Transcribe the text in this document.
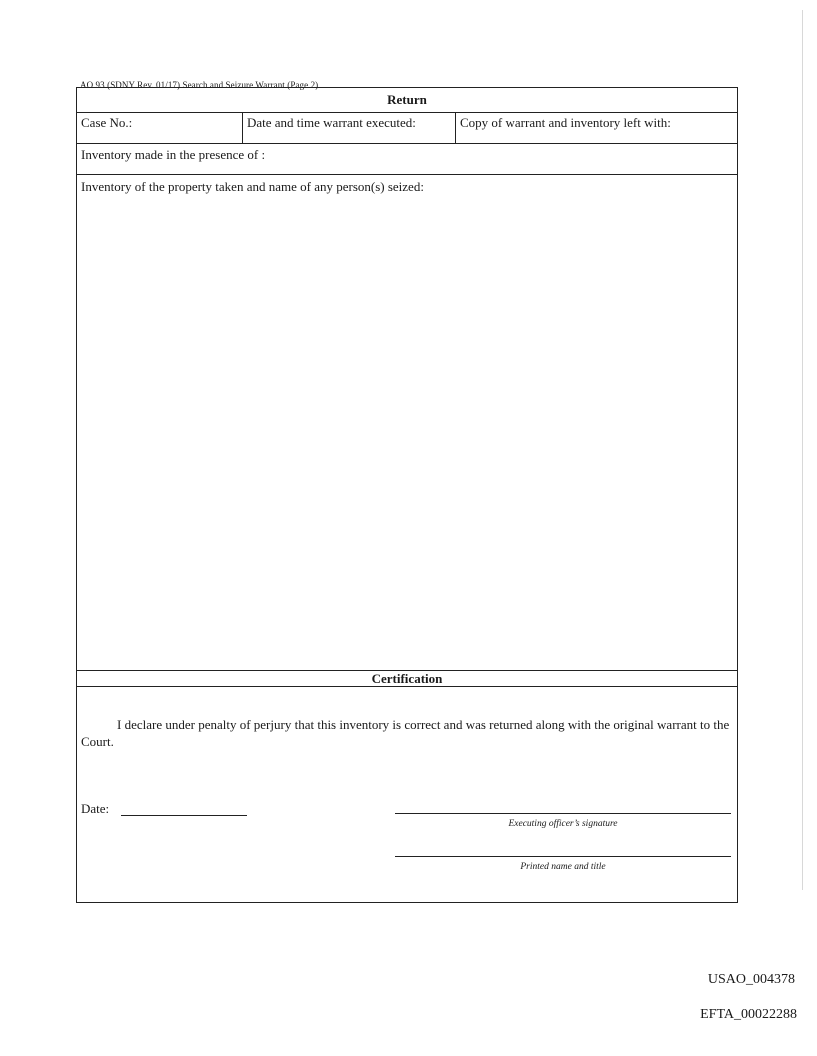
AO 93 (SDNY Rev. 01/17) Search and Seizure Warrant (Page 2)
Return
Case No.:	Date and time warrant executed:	Copy of warrant and inventory left with:
Inventory made in the presence of :
Inventory of the property taken and name of any person(s) seized:
Certification
I declare under penalty of perjury that this inventory is correct and was returned along with the original warrant to the Court.
Date:
Executing officer’s signature
Printed name and title
USAO_004378
EFTA_00022288
